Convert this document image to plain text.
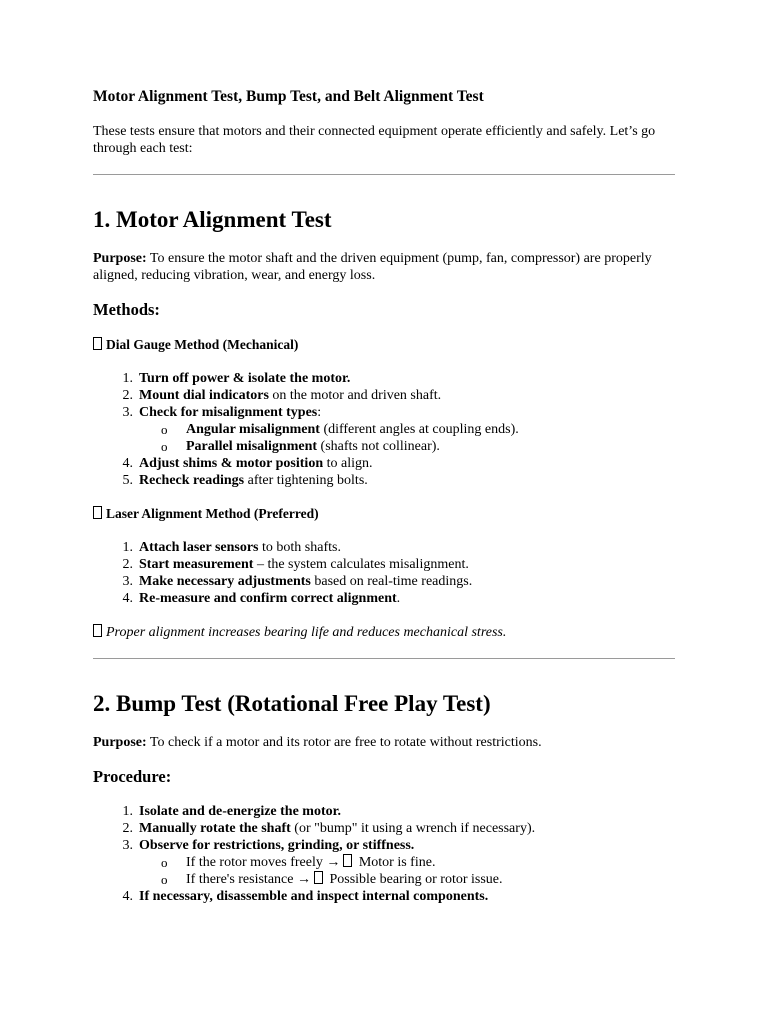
Motor Alignment Test, Bump Test, and Belt Alignment Test
These tests ensure that motors and their connected equipment operate efficiently and safely. Let’s go through each test:
1. Motor Alignment Test
Purpose: To ensure the motor shaft and the driven equipment (pump, fan, compressor) are properly aligned, reducing vibration, wear, and energy loss.
Methods:
Dial Gauge Method (Mechanical)
1. Turn off power & isolate the motor.
2. Mount dial indicators on the motor and driven shaft.
3. Check for misalignment types:
o Angular misalignment (different angles at coupling ends).
o Parallel misalignment (shafts not collinear).
4. Adjust shims & motor position to align.
5. Recheck readings after tightening bolts.
Laser Alignment Method (Preferred)
1. Attach laser sensors to both shafts.
2. Start measurement – the system calculates misalignment.
3. Make necessary adjustments based on real-time readings.
4. Re-measure and confirm correct alignment.
Proper alignment increases bearing life and reduces mechanical stress.
2. Bump Test (Rotational Free Play Test)
Purpose: To check if a motor and its rotor are free to rotate without restrictions.
Procedure:
1. Isolate and de-energize the motor.
2. Manually rotate the shaft (or "bump" it using a wrench if necessary).
3. Observe for restrictions, grinding, or stiffness.
o If the rotor moves freely → Motor is fine.
o If there's resistance → Possible bearing or rotor issue.
4. If necessary, disassemble and inspect internal components.
